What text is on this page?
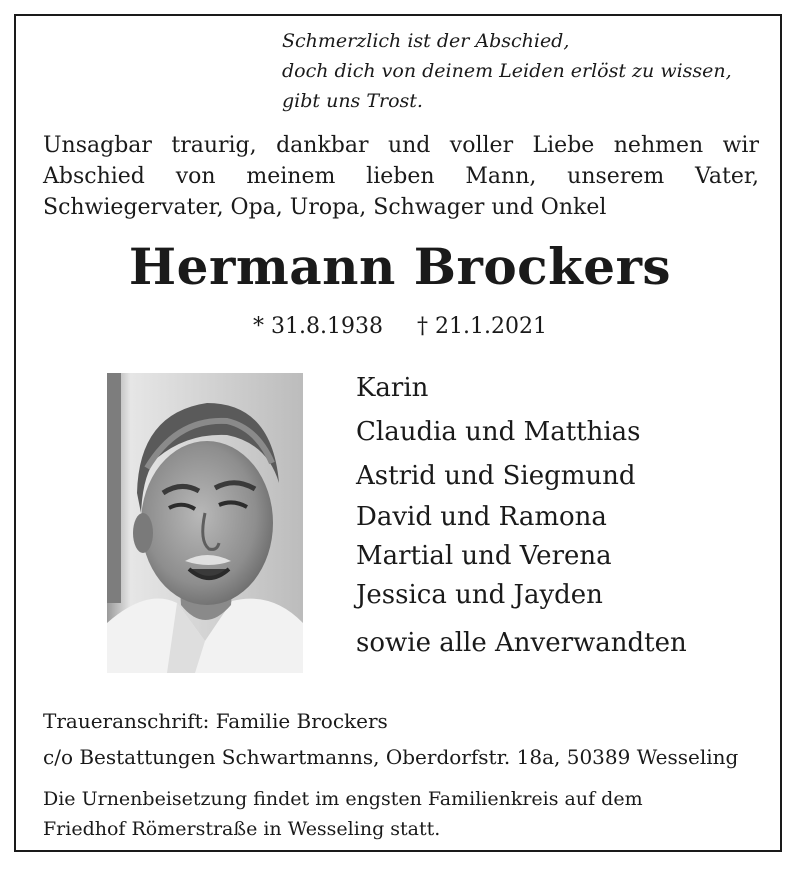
Schmerzlich ist der Abschied,
doch dich von deinem Leiden erlöst zu wissen,
gibt uns Trost.
Unsagbar traurig, dankbar und voller Liebe nehmen wir
Abschied von meinem lieben Mann, unserem Vater,
Schwiegervater, Opa, Uropa, Schwager und Onkel
Hermann Brockers
* 31.8.1938 † 21.1.2021
Karin
Claudia und Matthias
Astrid und Siegmund
David und Ramona
Martial und Verena
Jessica und Jayden
sowie alle Anverwandten
Traueranschrift: Familie Brockers
c/o Bestattungen Schwartmanns, Oberdorfstr. 18a, 50389 Wesseling
Die Urnenbeisetzung findet im engsten Familienkreis auf dem
Friedhof Römerstraße in Wesseling statt.
